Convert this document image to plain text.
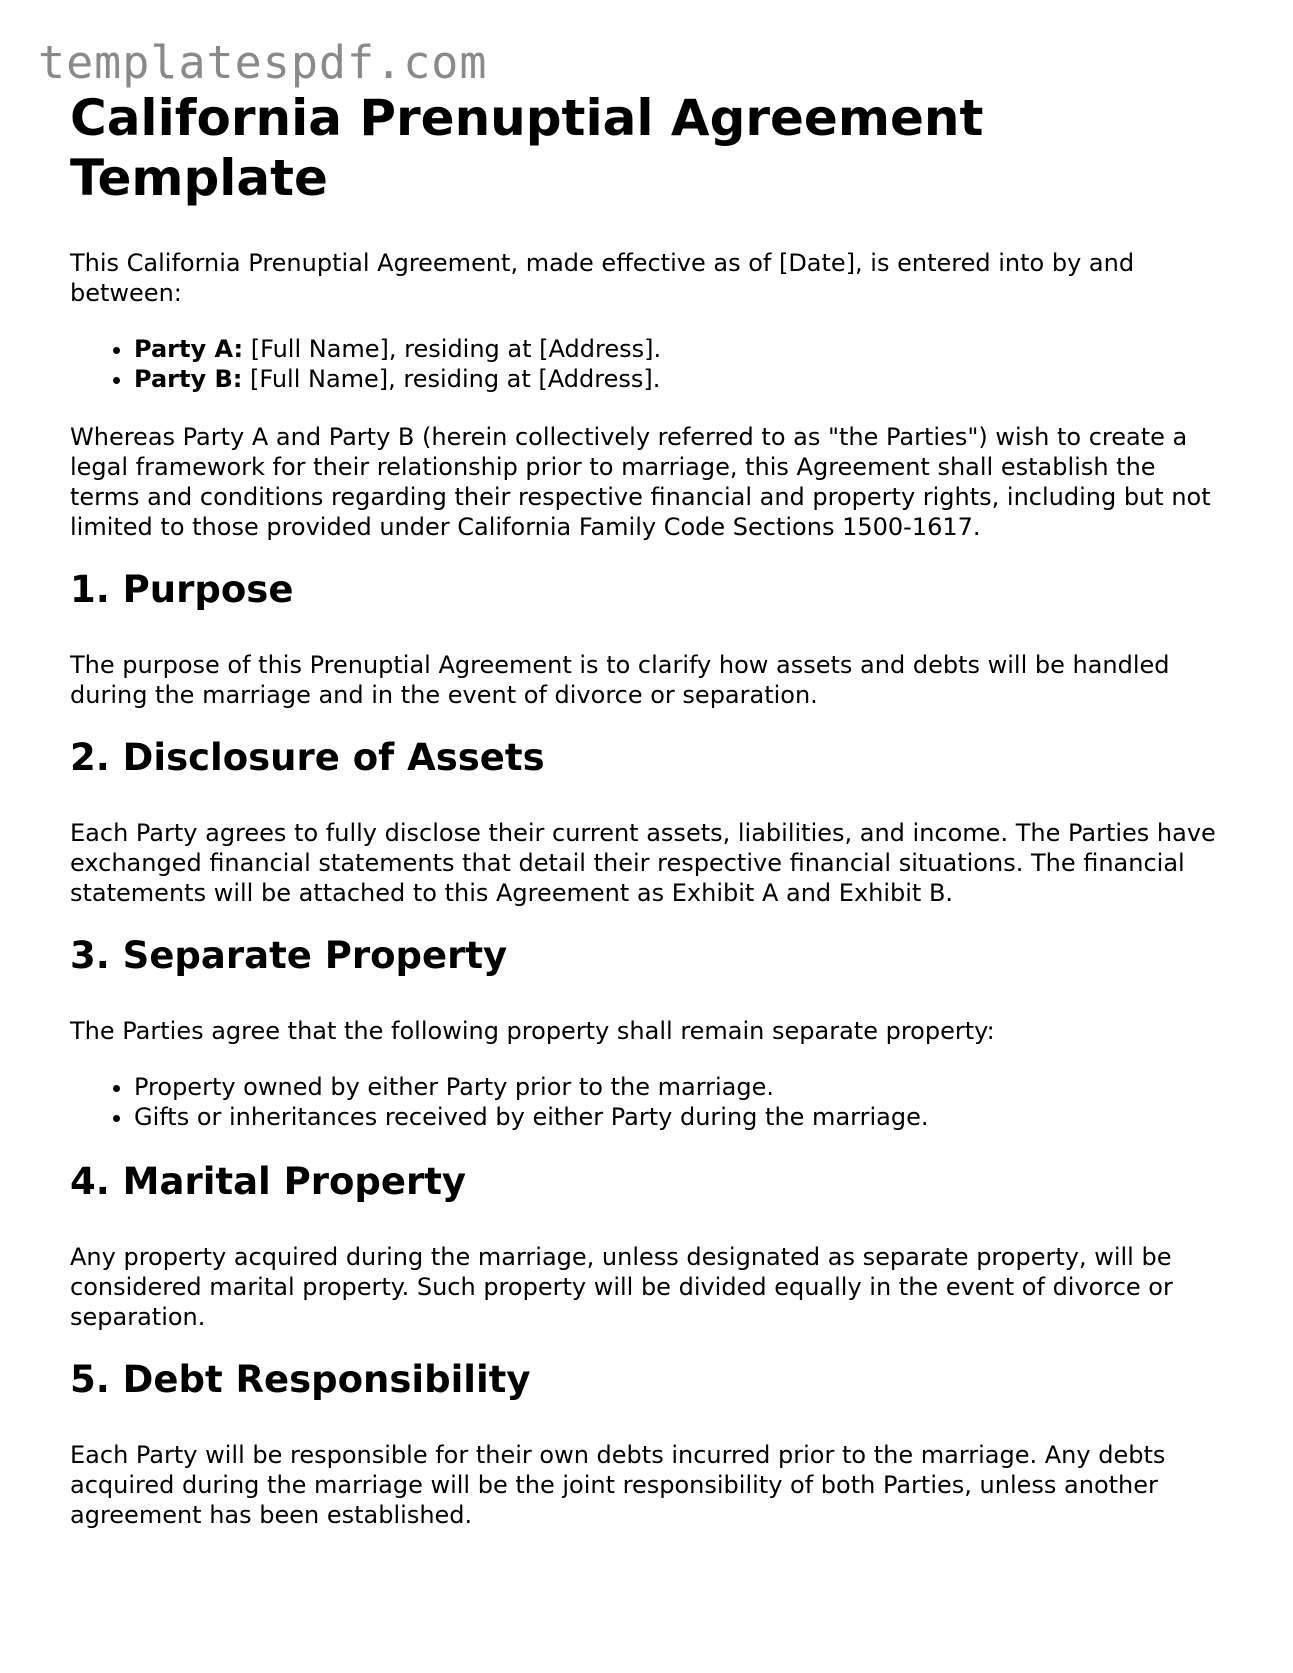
templatespdf.com
California Prenuptial Agreement Template

This California Prenuptial Agreement, made effective as of [Date], is entered into by and between:

• Party A: [Full Name], residing at [Address].
• Party B: [Full Name], residing at [Address].

Whereas Party A and Party B (herein collectively referred to as "the Parties") wish to create a legal framework for their relationship prior to marriage, this Agreement shall establish the terms and conditions regarding their respective financial and property rights, including but not limited to those provided under California Family Code Sections 1500-1617.

1. Purpose

The purpose of this Prenuptial Agreement is to clarify how assets and debts will be handled during the marriage and in the event of divorce or separation.

2. Disclosure of Assets

Each Party agrees to fully disclose their current assets, liabilities, and income. The Parties have exchanged financial statements that detail their respective financial situations. The financial statements will be attached to this Agreement as Exhibit A and Exhibit B.

3. Separate Property

The Parties agree that the following property shall remain separate property:

• Property owned by either Party prior to the marriage.
• Gifts or inheritances received by either Party during the marriage.
4. Marital Property

Any property acquired during the marriage, unless designated as separate property, will be considered marital property. Such property will be divided equally in the event of divorce or separation.

5. Debt Responsibility

Each Party will be responsible for their own debts incurred prior to the marriage. Any debts acquired during the marriage will be the joint responsibility of both Parties, unless another agreement has been established.
